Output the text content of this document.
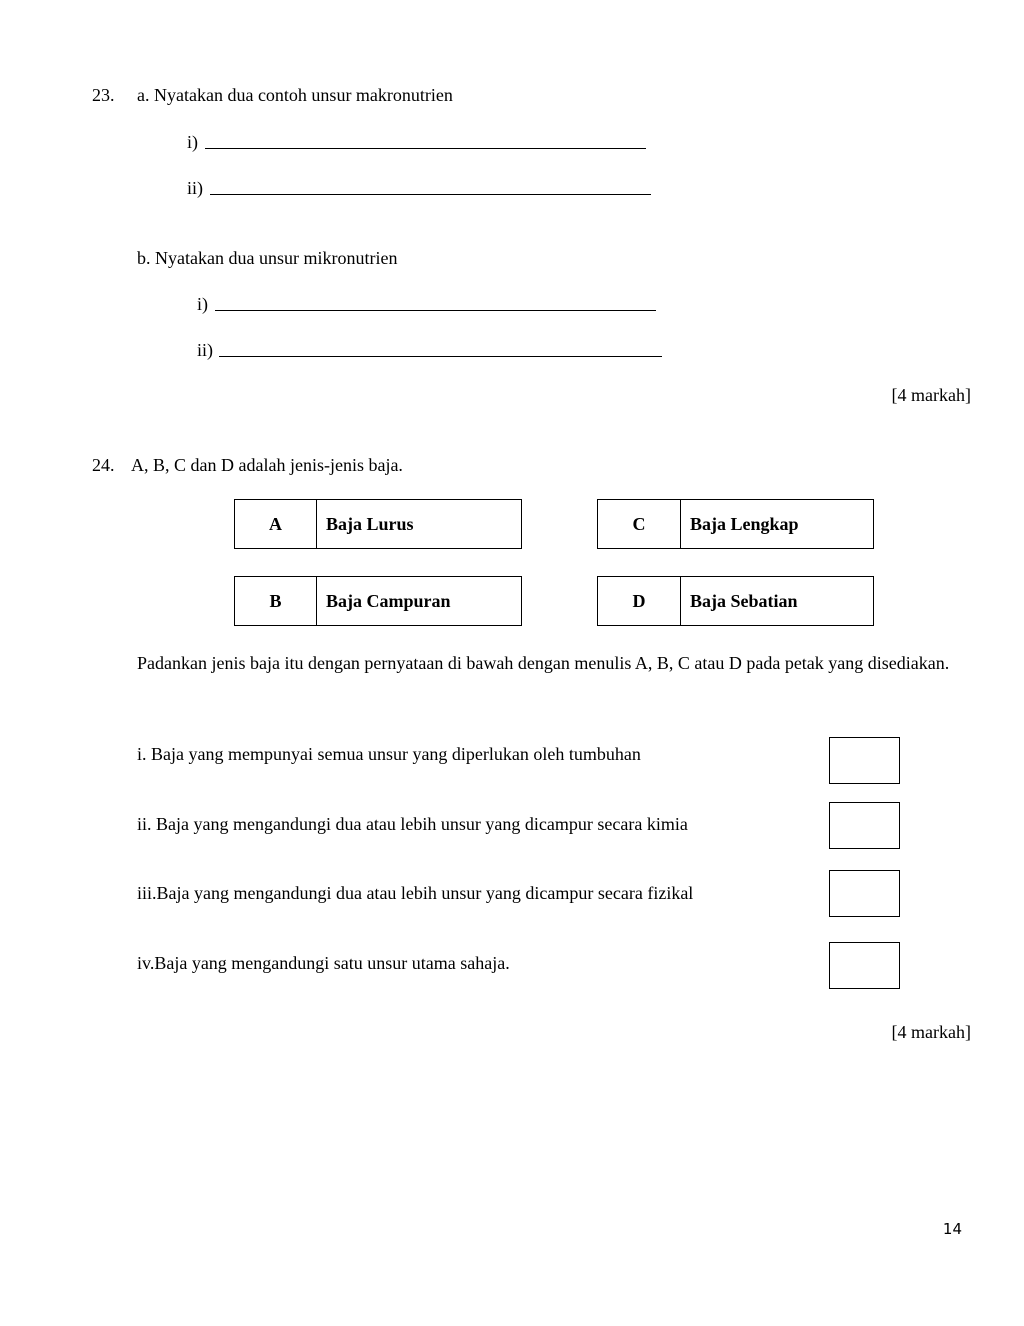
23. a. Nyatakan dua contoh unsur makronutrien
i)
ii)
b. Nyatakan dua unsur mikronutrien
i)
ii)
[4 markah]
24. A, B, C dan D adalah jenis-jenis baja.
A	Baja Lurus	C	Baja Lengkap
B	Baja Campuran	D	Baja Sebatian
Padankan jenis baja itu dengan pernyataan di bawah dengan menulis A, B, C atau D pada petak yang disediakan.
i. Baja yang mempunyai semua unsur yang diperlukan oleh tumbuhan
ii. Baja yang mengandungi dua atau lebih unsur yang dicampur secara kimia
iii.Baja yang mengandungi dua atau lebih unsur yang dicampur secara fizikal
iv.Baja yang mengandungi satu unsur utama sahaja.
[4 markah]
14
